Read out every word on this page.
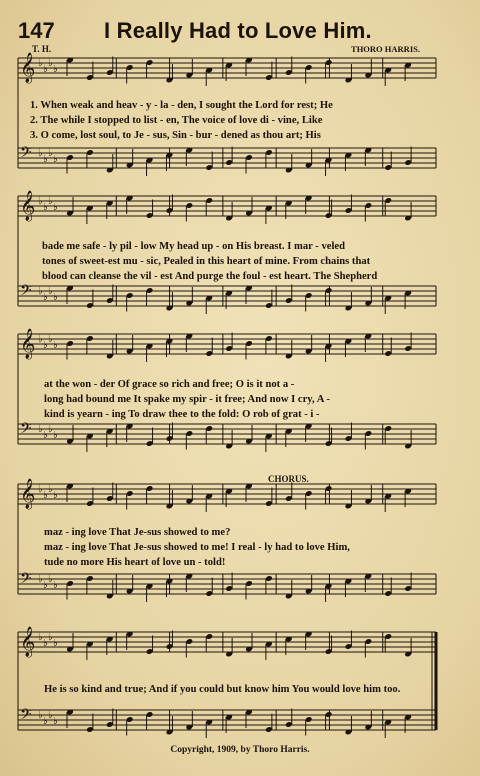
𝄞 ♭
♭
♭
♭
𝄢 ♭
♭
♭
♭
𝄞 ♭
♭
♭
♭
𝄢 ♭
♭
♭
♭
𝄞 ♭
♭
♭
♭
𝄢 ♭
♭
♭
♭
𝄞 ♭
♭
♭
♭
𝄢 ♭
♭
♭
♭
𝄞 ♭
♭
♭
♭
𝄢 ♭
♭
♭
♭
147 I Really Had to Love Him.
T. H.	THORO HARRIS.
1. When weak and heav - y - la - den, I sought the Lord for rest; He
2. The while I stopped to list - en, The voice of love di - vine, Like
3. O come, lost soul, to Je - sus, Sin - bur - dened as thou art; His
bade me safe - ly pil - low My head up - on His breast. I mar - veled
tones of sweet-est mu - sic, Pealed in this heart of mine. From chains that
blood can cleanse the vil - est And purge the foul - est heart. The Shepherd
at the won - der Of grace so rich and free; O is it not a -
long had bound me It spake my spir - it free; And now I cry, A -
kind is yearn - ing To draw thee to the fold: O rob of grat - i -
CHORUS.
maz - ing love That Je-sus showed to me?
maz - ing love That Je-sus showed to me! I real - ly had to love Him,
tude no more His heart of love un - told!
He is so kind and true; And if you could but know him You would love him too.
Copyright, 1909, by Thoro Harris.
